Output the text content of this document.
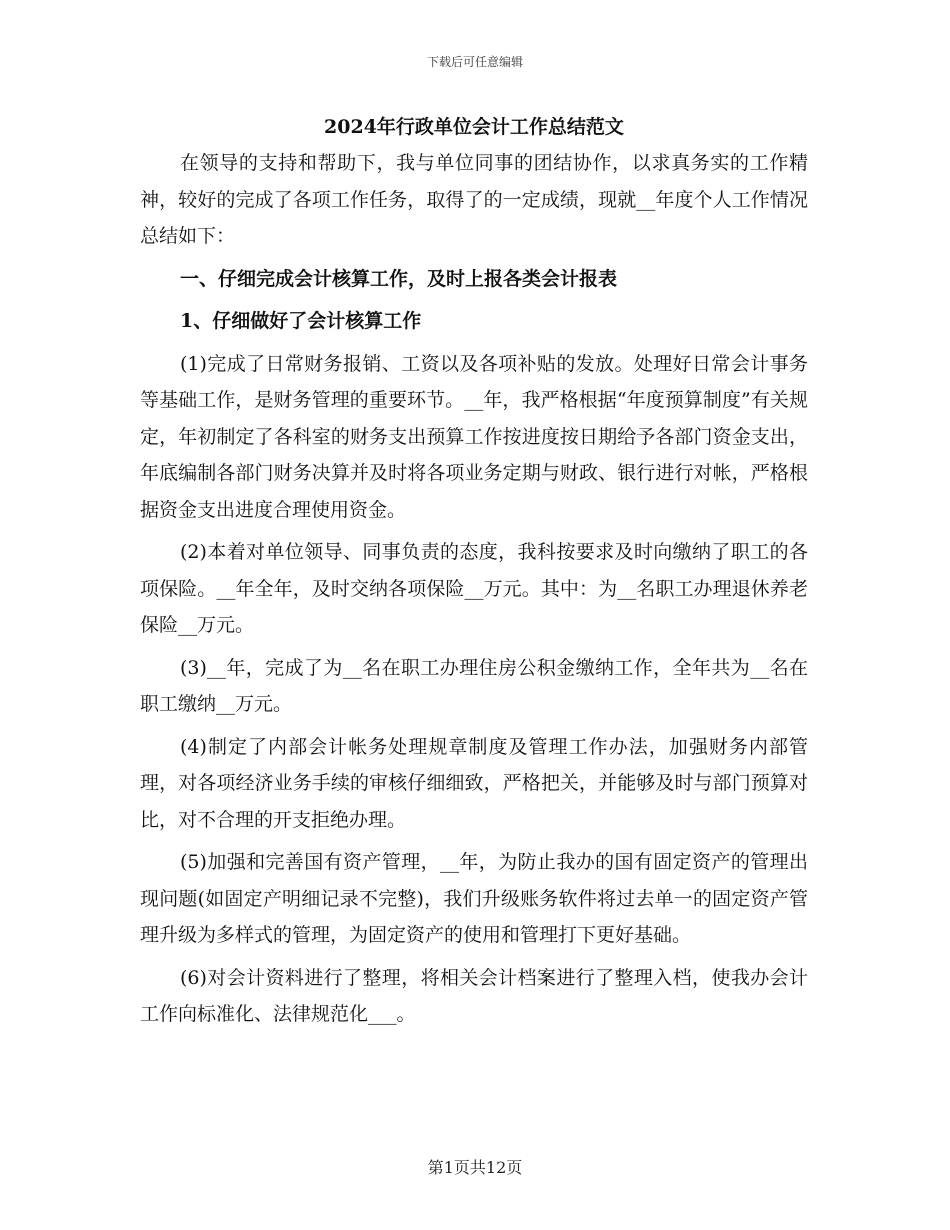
下载后可任意编辑
2024年行政单位会计工作总结范文
在领导的支持和帮助下，我与单位同事的团结协作，以求真务实的工作精神，较好的完成了各项工作任务，取得了的一定成绩，现就__年度个人工作情况总结如下：
一、仔细完成会计核算工作，及时上报各类会计报表
1、仔细做好了会计核算工作
(1)完成了日常财务报销、工资以及各项补贴的发放。处理好日常会计事务等基础工作，是财务管理的重要环节。__年，我严格根据“年度预算制度”有关规定，年初制定了各科室的财务支出预算工作按进度按日期给予各部门资金支出，年底编制各部门财务决算并及时将各项业务定期与财政、银行进行对帐，严格根据资金支出进度合理使用资金。
(2)本着对单位领导、同事负责的态度，我科按要求及时向缴纳了职工的各项保险。__年全年，及时交纳各项保险__万元。其中：为__名职工办理退休养老保险__万元。
(3)__年，完成了为__名在职工办理住房公积金缴纳工作，全年共为__名在职工缴纳__万元。
(4)制定了内部会计帐务处理规章制度及管理工作办法，加强财务内部管理，对各项经济业务手续的审核仔细细致，严格把关，并能够及时与部门预算对比，对不合理的开支拒绝办理。
(5)加强和完善国有资产管理，__年，为防止我办的国有固定资产的管理出现问题(如固定产明细记录不完整)，我们升级账务软件将过去单一的固定资产管理升级为多样式的管理，为固定资产的使用和管理打下更好基础。
(6)对会计资料进行了整理，将相关会计档案进行了整理入档，使我办会计工作向标准化、法律规范化___。
第1页共12页
